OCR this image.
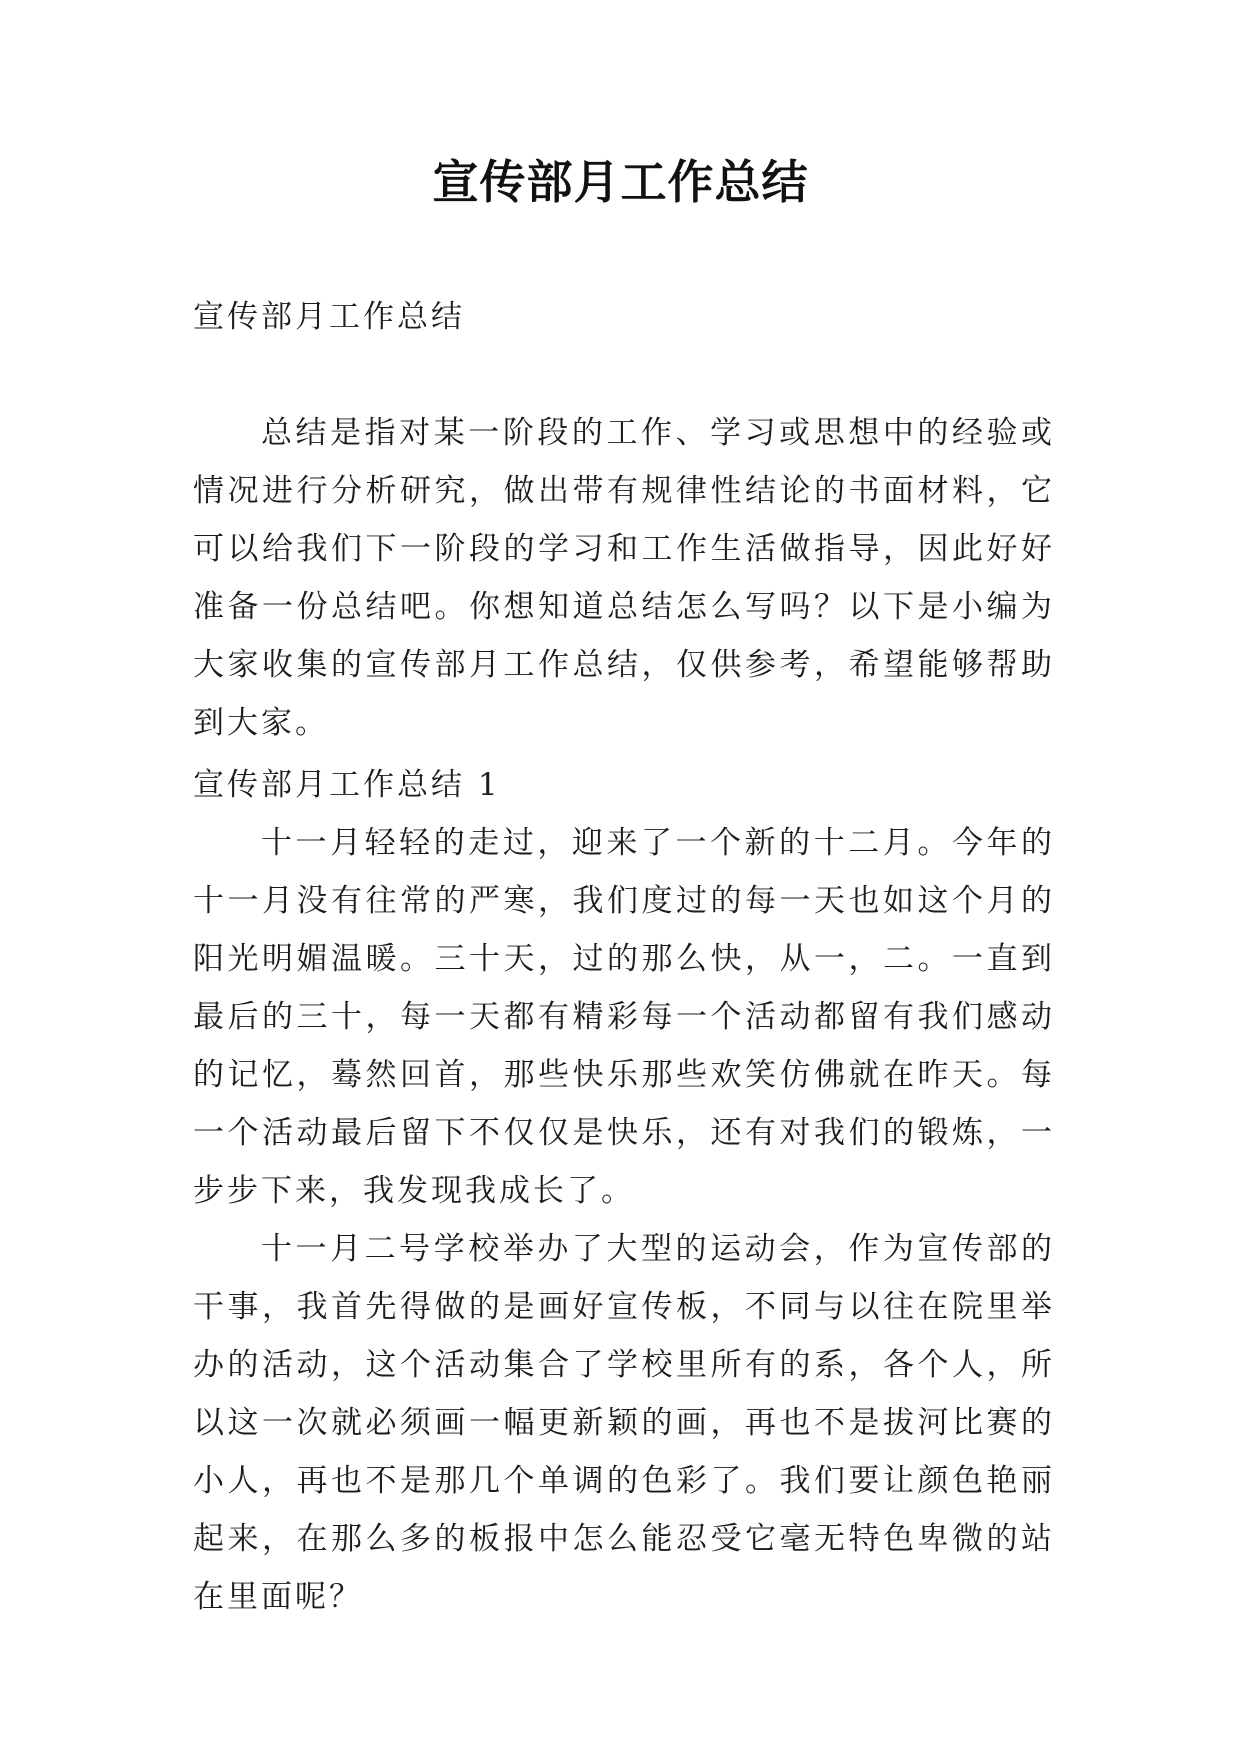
宣传部月工作总结

宣传部月工作总结

总结是指对某一阶段的工作、学习或思想中的经验或情况进行分析研究，做出带有规律性结论的书面材料，它可以给我们下一阶段的学习和工作生活做指导，因此好好准备一份总结吧。你想知道总结怎么写吗？以下是小编为大家收集的宣传部月工作总结，仅供参考，希望能够帮助到大家。

宣传部月工作总结 1

十一月轻轻的走过，迎来了一个新的十二月。今年的十一月没有往常的严寒，我们度过的每一天也如这个月的阳光明媚温暖。三十天，过的那么快，从一，二。一直到最后的三十，每一天都有精彩每一个活动都留有我们感动的记忆，蓦然回首，那些快乐那些欢笑仿佛就在昨天。每一个活动最后留下不仅仅是快乐，还有对我们的锻炼，一步步下来，我发现我成长了。

十一月二号学校举办了大型的运动会，作为宣传部的干事，我首先得做的是画好宣传板，不同与以往在院里举办的活动，这个活动集合了学校里所有的系，各个人，所以这一次就必须画一幅更新颖的画，再也不是拔河比赛的小人，再也不是那几个单调的色彩了。我们要让颜色艳丽起来，在那么多的板报中怎么能忍受它毫无特色卑微的站在里面呢？
